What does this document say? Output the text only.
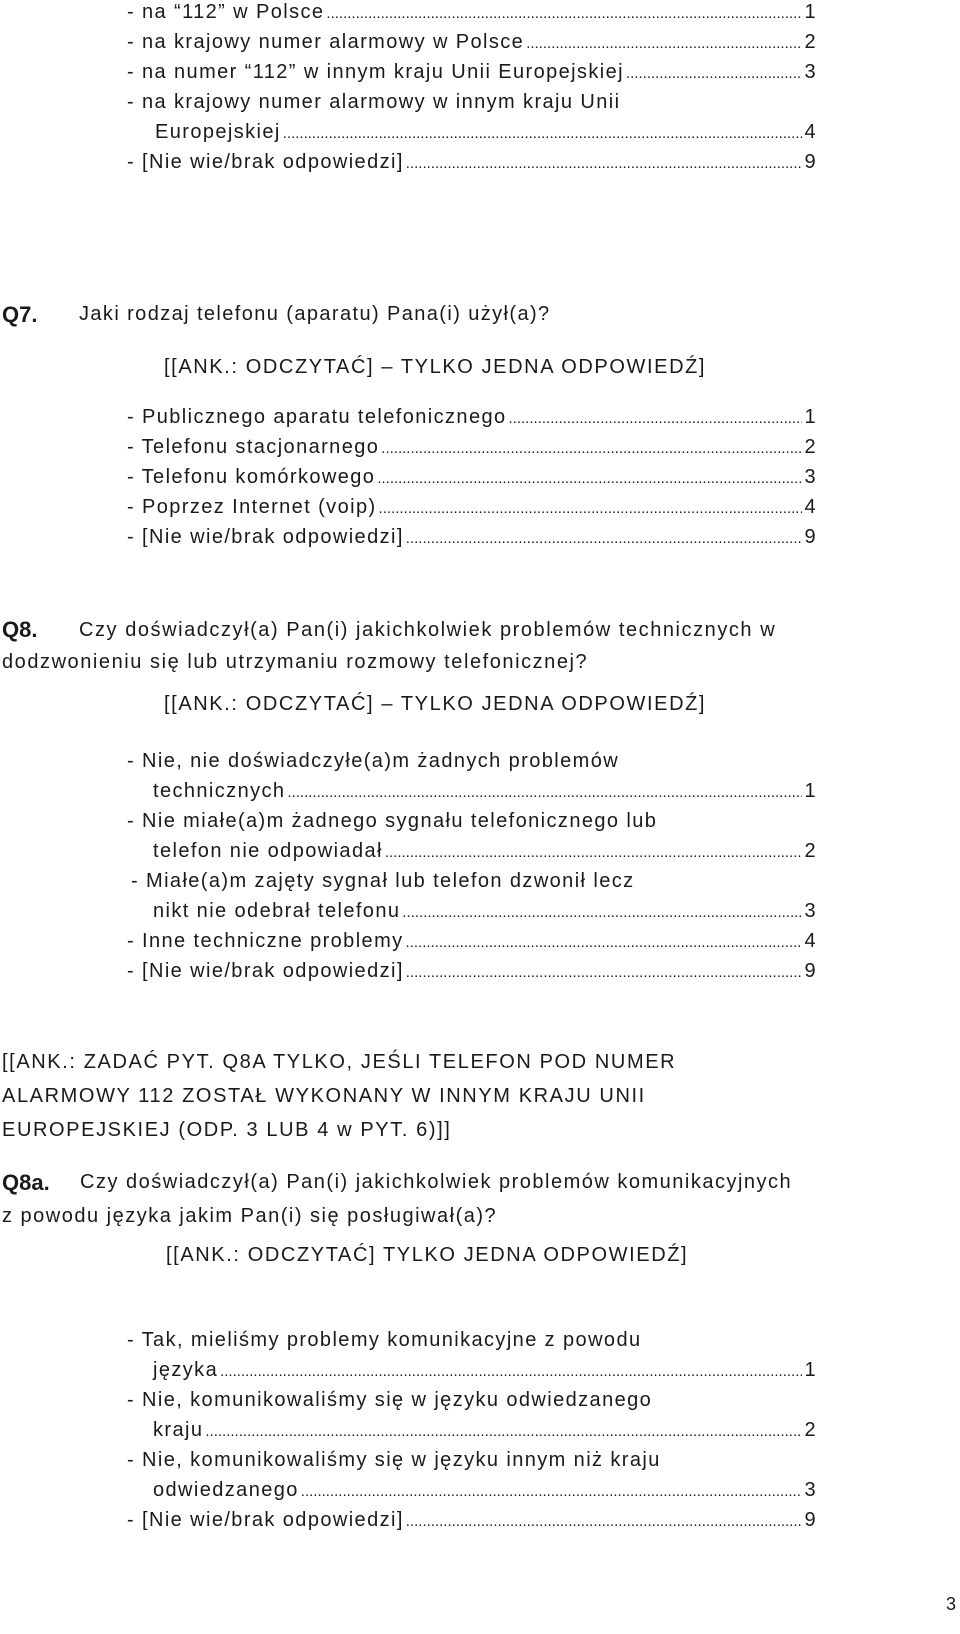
- na “112” w Polsce .....	1
- na krajowy numer alarmowy w Polsce .....	2
- na numer “112” w innym kraju Unii Europejskiej .....	3
- na krajowy numer alarmowy w innym kraju Unii
Europejskiej .....	4
- [Nie wie/brak odpowiedzi] .....	9
Q7. Jaki rodzaj telefonu (aparatu) Pana(i) użył(a)?
[[ANK.: ODCZYTAĆ] – TYLKO JEDNA ODPOWIEDŹ]
- Publicznego aparatu telefonicznego .....	1
- Telefonu stacjonarnego .....	2
- Telefonu komórkowego .....	3
- Poprzez Internet (voip) .....	4
- [Nie wie/brak odpowiedzi] .....	9
Q8. Czy doświadczył(a) Pan(i) jakichkolwiek problemów technicznych w
dodzwonieniu się lub utrzymaniu rozmowy telefonicznej?
[[ANK.: ODCZYTAĆ] – TYLKO JEDNA ODPOWIEDŹ]
- Nie, nie doświadczyłe(a)m żadnych problemów
technicznych .....	1
- Nie miałe(a)m żadnego sygnału telefonicznego lub
telefon nie odpowiadał .....	2
- Miałe(a)m zajęty sygnał lub telefon dzwonił lecz
nikt nie odebrał telefonu .....	3
- Inne techniczne problemy .....	4
- [Nie wie/brak odpowiedzi] .....	9
[[ANK.: ZADAĆ PYT. Q8A TYLKO, JEŚLI TELEFON POD NUMER
ALARMOWY 112 ZOSTAŁ WYKONANY W INNYM KRAJU UNII
EUROPEJSKIEJ (ODP. 3 LUB 4 w PYT. 6)]]
Q8a. Czy doświadczył(a) Pan(i) jakichkolwiek problemów komunikacyjnych
z powodu języka jakim Pan(i) się posługiwał(a)?
[[ANK.: ODCZYTAĆ] TYLKO JEDNA ODPOWIEDŹ]
- Tak, mieliśmy problemy komunikacyjne z powodu
języka .....	1
- Nie, komunikowaliśmy się w języku odwiedzanego
kraju .....	2
- Nie, komunikowaliśmy się w języku innym niż kraju
odwiedzanego .....	3
- [Nie wie/brak odpowiedzi] .....	9
3
